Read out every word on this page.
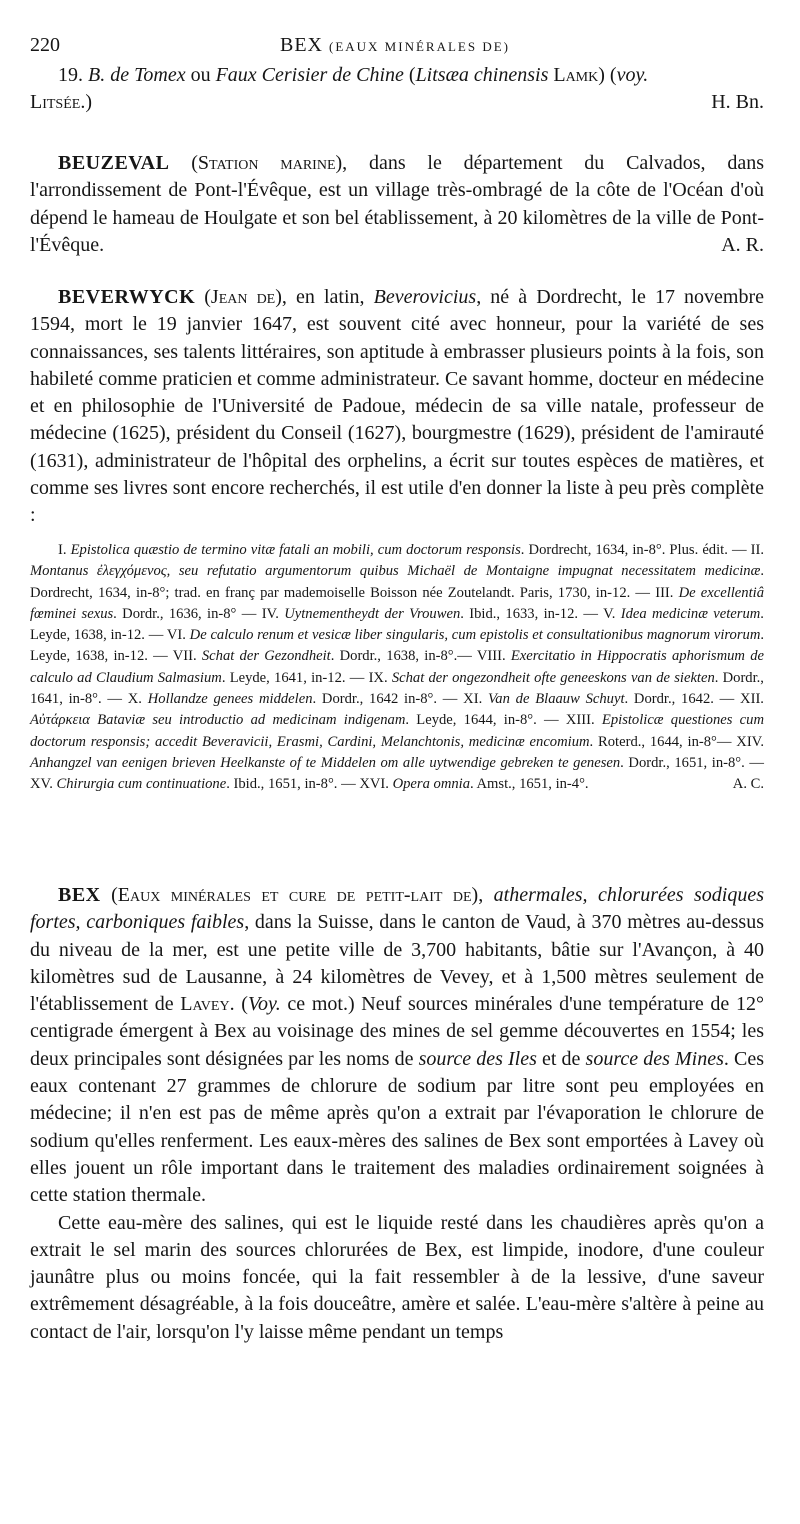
220	BEX (EAUX MINÉRALES DE)

19. B. de Tomex ou Faux Cerisier de Chine (Litsæa chinensis Lamk) (voy.
Litsée.)	H. Bn.

BEUZEVAL (Station marine), dans le département du Calvados, dans l'arrondissement de Pont-l'Évêque, est un village très-ombragé de la côte de l'Océan d'où dépend le hameau de Houlgate et son bel établissement, à 20 kilomètres de la ville de Pont-l'Évêque.	A. R.

BEVERWYCK (Jean de), en latin, Beverovicius, né à Dordrecht, le 17 novembre 1594, mort le 19 janvier 1647, est souvent cité avec honneur, pour la variété de ses connaissances, ses talents littéraires, son aptitude à embrasser plusieurs points à la fois, son habileté comme praticien et comme administrateur. Ce savant homme, docteur en médecine et en philosophie de l'Université de Padoue, médecin de sa ville natale, professeur de médecine (1625), président du Conseil (1627), bourgmestre (1629), président de l'amirauté (1631), administrateur de l'hôpital des orphelins, a écrit sur toutes espèces de matières, et comme ses livres sont encore recherchés, il est utile d'en donner la liste à peu près complète :

I. Epistolica quæstio de termino vitæ fatali an mobili, cum doctorum responsis. Dordrecht, 1634, in-8°. Plus. édit. — II. Montanus ἐλεγχόμενος, seu refutatio argumentorum quibus Michaël de Montaigne impugnat necessitatem medicinæ. Dordrecht, 1634, in-8°; trad. en franç par mademoiselle Boisson née Zoutelandt. Paris, 1730, in-12. — III. De excellentiâ fœminei sexus. Dordr., 1636, in-8° — IV. Uytnementheydt der Vrouwen. Ibid., 1633, in-12. — V. Idea medicinæ veterum. Leyde, 1638, in-12. — VI. De calculo renum et vesicæ liber singularis, cum epistolis et consultationibus magnorum virorum. Leyde, 1638, in-12. — VII. Schat der Gezondheit. Dordr., 1638, in-8°.— VIII. Exercitatio in Hippocratis aphorismum de calculo ad Claudium Salmasium. Leyde, 1641, in-12. — IX. Schat der ongezondheit ofte geneeskons van de siekten. Dordr., 1641, in-8°. — X. Hollandze genees middelen. Dordr., 1642 in-8°. — XI. Van de Blaauw Schuyt. Dordr., 1642. — XII. Αὐτάρκεια Bataviæ seu introductio ad medicinam indigenam. Leyde, 1644, in-8°. — XIII. Epistolicæ questiones cum doctorum responsis; accedit Beveravicii, Erasmi, Cardini, Melanchtonis, medicinæ encomium. Roterd., 1644, in-8°— XIV. Anhangzel van eenigen brieven Heelkanste of te Middelen om alle uytwendige gebreken te genesen. Dordr., 1651, in-8°. — XV. Chirurgia cum continuatione. Ibid., 1651, in-8°. — XVI. Opera omnia. Amst., 1651, in-4°.	A. C.

BEX (Eaux minérales et cure de petit-lait de), athermales, chlorurées sodiques fortes, carboniques faibles, dans la Suisse, dans le canton de Vaud, à 370 mètres au-dessus du niveau de la mer, est une petite ville de 3,700 habitants, bâtie sur l'Avançon, à 40 kilomètres sud de Lausanne, à 24 kilomètres de Vevey, et à 1,500 mètres seulement de l'établissement de Lavey. (Voy. ce mot.) Neuf sources minérales d'une température de 12° centigrade émergent à Bex au voisinage des mines de sel gemme découvertes en 1554; les deux principales sont désignées par les noms de source des Iles et de source des Mines. Ces eaux contenant 27 grammes de chlorure de sodium par litre sont peu employées en médecine; il n'en est pas de même après qu'on a extrait par l'évaporation le chlorure de sodium qu'elles renferment. Les eaux-mères des salines de Bex sont emportées à Lavey où elles jouent un rôle important dans le traitement des maladies ordinairement soignées à cette station thermale.

Cette eau-mère des salines, qui est le liquide resté dans les chaudières après qu'on a extrait le sel marin des sources chlorurées de Bex, est limpide, inodore, d'une couleur jaunâtre plus ou moins foncée, qui la fait ressembler à de la lessive, d'une saveur extrêmement désagréable, à la fois douceâtre, amère et salée. L'eau-mère s'altère à peine au contact de l'air, lorsqu'on l'y laisse même pendant un temps
